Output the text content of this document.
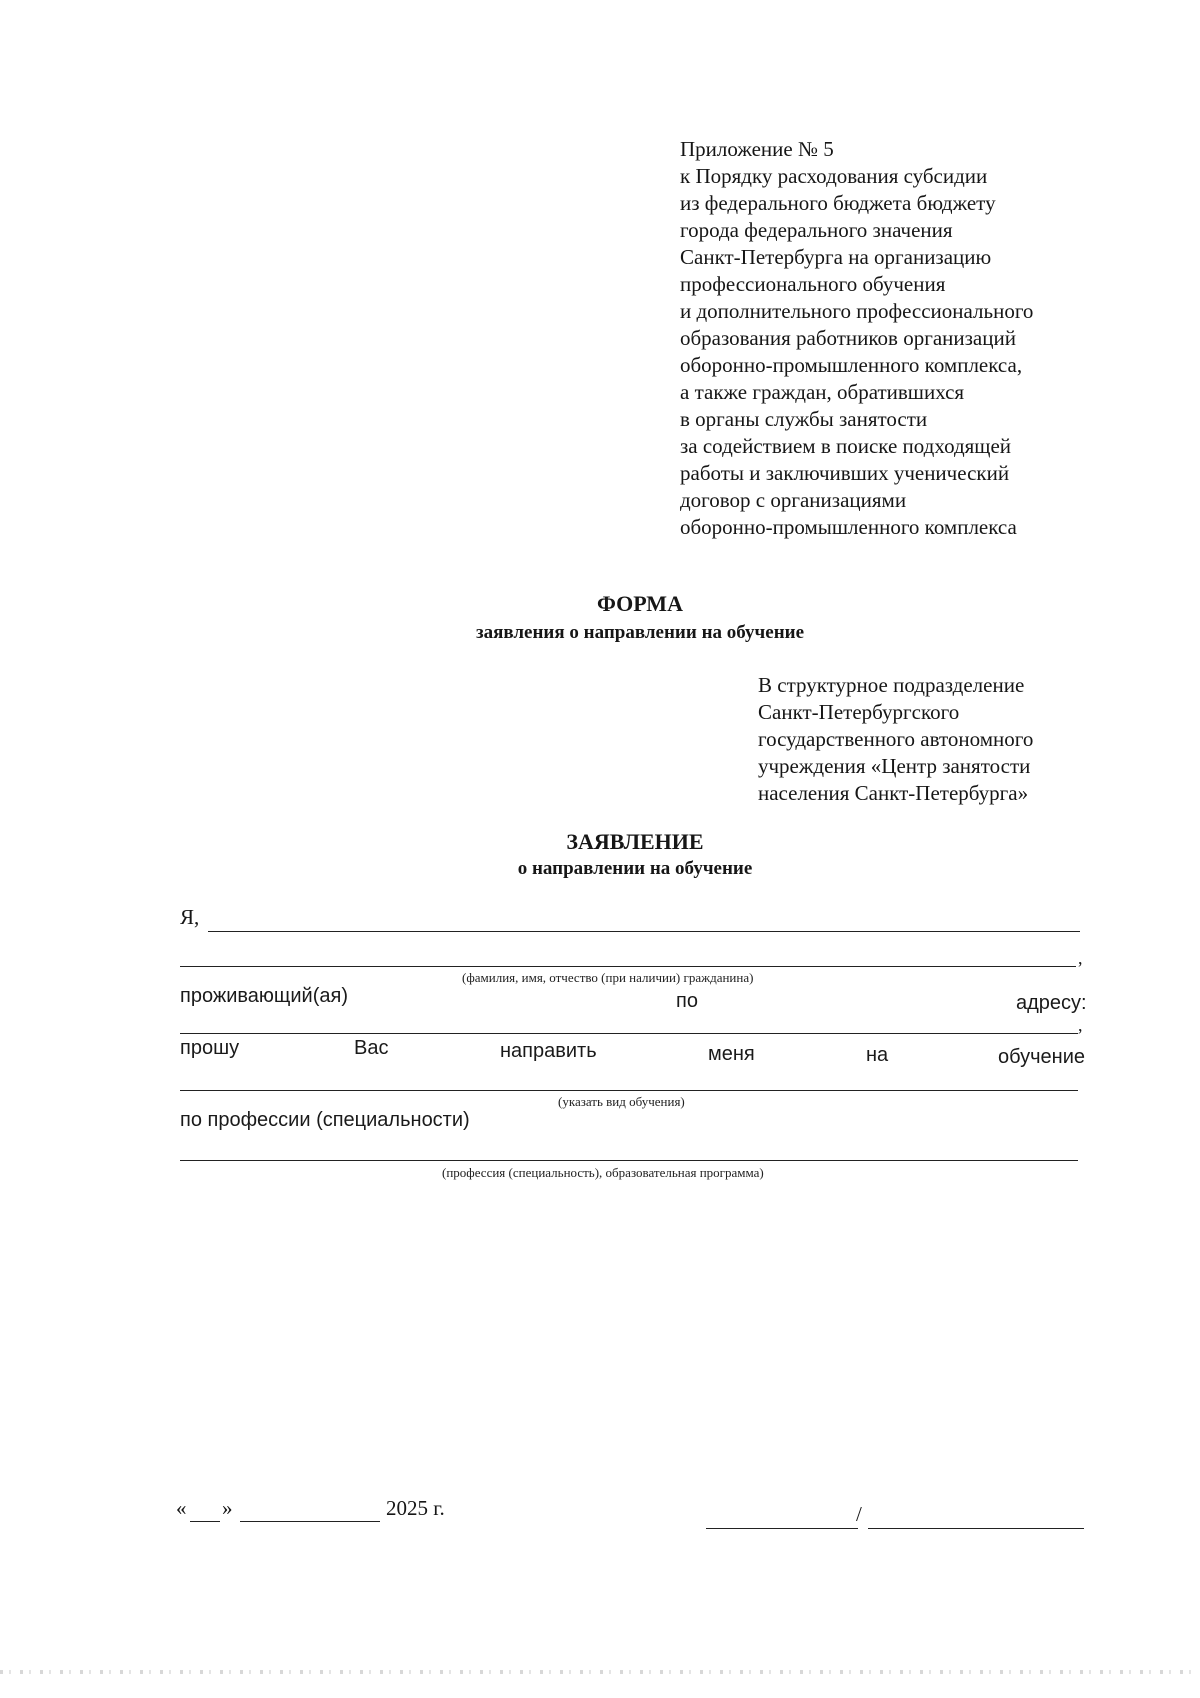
Приложение № 5
к Порядку расходования субсидии
из федерального бюджета бюджету
города федерального значения
Санкт-Петербурга на организацию
профессионального обучения
и дополнительного профессионального
образования работников организаций
оборонно-промышленного комплекса,
а также граждан, обратившихся
в органы службы занятости
за содействием в поиске подходящей
работы и заключивших ученический
договор с организациями
оборонно-промышленного комплекса
ФОРМА
заявления о направлении на обучение
В структурное подразделение
Санкт-Петербургского
государственного автономного
учреждения «Центр занятости
населения Санкт-Петербурга»
ЗАЯВЛЕНИЕ
о направлении на обучение
Я,
,
(фамилия, имя, отчество (при наличии) гражданина)
проживающий(ая)	по	адресу:
,
прошу	Вас	направить	меня	на	обучение
(указать вид обучения)
по профессии (специальности)
(профессия (специальность), образовательная программа)
« »	2025 г.	/
